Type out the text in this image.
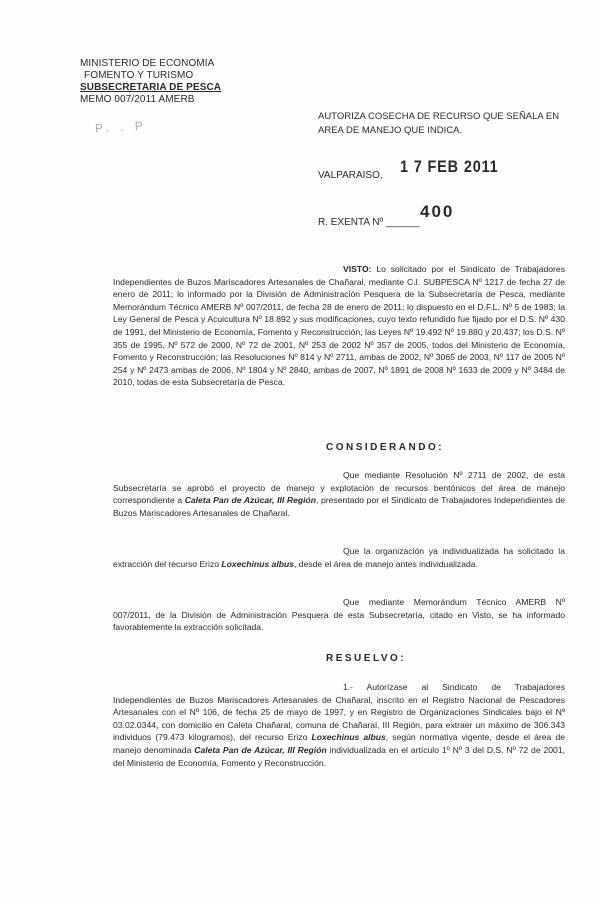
MINISTERIO DE ECONOMIA
FOMENTO Y TURISMO
SUBSECRETARIA DE PESCA
MEMO 007/2011 AMERB
P. . P
AUTORIZA COSECHA DE RECURSO QUE SEÑALA EN AREA DE MANEJO QUE INDICA.
VALPARAISO, 1 7 FEB 2011
R. EXENTA Nº ______
400
VISTO: Lo solicitado por el Sindicato de Trabajadores Independientes de Buzos Mariscadores Artesanales de Chañaral, mediante C.I. SUBPESCA Nº 1217 de fecha 27 de enero de 2011; lo informado por la División de Administración Pesquera de la Subsecretaría de Pesca, mediante Memorándum Técnico AMERB Nº 007/2011, de fecha 28 de enero de 2011; lo dispuesto en el D.F.L. Nº 5 de 1983; la Ley General de Pesca y Acuicultura Nº 18.892 y sus modificaciones, cuyo texto refundido fue fijado por el D.S. Nº 430 de 1991, del Ministerio de Economía, Fomento y Reconstrucción; las Leyes Nº 19.492 Nº 19.880 y 20.437; los D.S. Nº 355 de 1995, Nº 572 de 2000, Nº 72 de 2001, Nº 253 de 2002 Nº 357 de 2005, todos del Ministerio de Economía, Fomento y Reconstrucción; las Resoluciones Nº 814 y Nº 2711, ambas de 2002, Nº 3065 de 2003, Nº 117 de 2005 Nº 254 y Nº 2473 ambas de 2006, Nº 1804 y Nº 2840, ambas de 2007, Nº 1891 de 2008 Nº 1633 de 2009 y Nº 3484 de 2010, todas de esta Subsecretaría de Pesca.
CONSIDERANDO:
Que mediante Resolución Nº 2711 de 2002, de esta Subsecretaría se aprobó el proyecto de manejo y explotación de recursos bentónicos del área de manejo correspondiente a Caleta Pan de Azúcar, III Región, presentado por el Sindicato de Trabajadores Independientes de Buzos Mariscadores Artesanales de Chañaral.
Que la organización ya individualizada ha solicitado la extracción del recurso Erizo Loxechinus albus, desde el área de manejo antes individualizada.
Que mediante Memorándum Técnico AMERB Nº 007/2011, de la División de Administración Pesquera de esta Subsecretaría, citado en Visto, se ha informado favorablemente la extracción solicitada.
RESUELVO:
1.- Autorízase al Sindicato de Trabajadores Independientes de Buzos Mariscadores Artesanales de Chañaral, inscrito en el Registro Nacional de Pescadores Artesanales con el Nº 106, de fecha 25 de mayo de 1997, y en Registro de Organizaciones Sindicales bajo el Nº 03.02.0344, con domicilio en Caleta Chañaral, comuna de Chañaral, III Región, para extraer un máximo de 306.343 individuos (79.473 kilogramos), del recurso Erizo Loxechinus albus, según normativa vigente, desde el área de manejo denominada Caleta Pan de Azúcar, III Región individualizada en el artículo 1º Nº 3 del D.S. Nº 72 de 2001, del Ministerio de Economía, Fomento y Reconstrucción.
